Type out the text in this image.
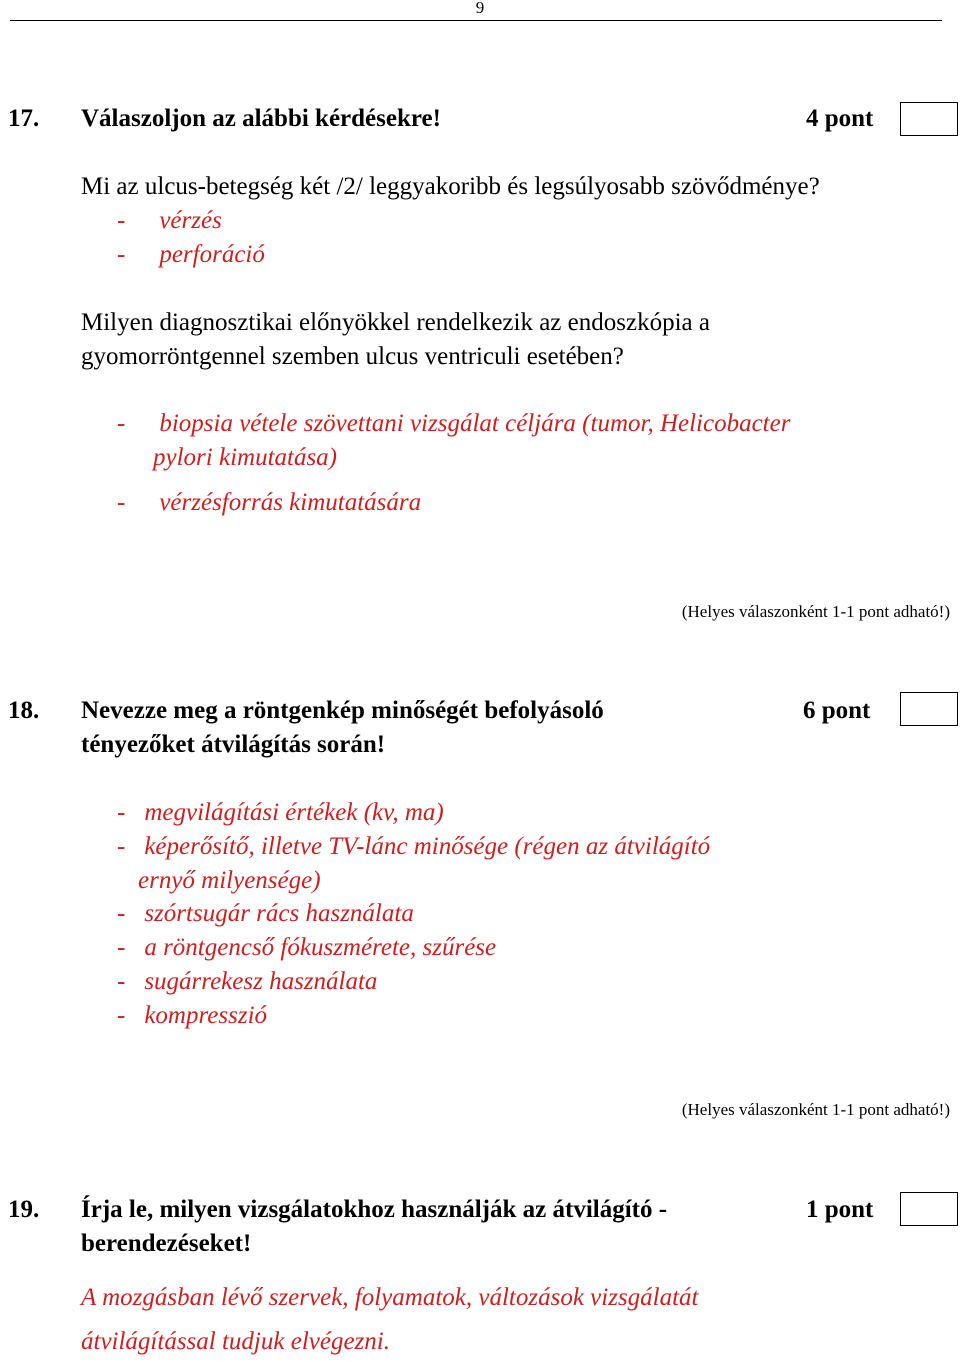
9
17. Válaszoljon az alábbi kérdésekre!	4 pont
Mi az ulcus-betegség két /2/ leggyakoribb és legsúlyosabb szövődménye?
- vérzés
- perforáció
Milyen diagnosztikai előnyökkel rendelkezik az endoszkópia a
gyomorröntgennel szemben ulcus ventriculi esetében?
- biopsia vétele szövettani vizsgálat céljára (tumor, Helicobacter
pylori kimutatása)
- vérzésforrás kimutatására
(Helyes válaszonként 1-1 pont adható!)
18. Nevezze meg a röntgenkép minőségét befolyásoló	6 pont
tényezőket átvilágítás során!
- megvilágítási értékek (kv, ma)
- képerősítő, illetve TV-lánc minősége (régen az átvilágító
ernyő milyensége)
- szórtsugár rács használata
- a röntgencső fókuszmérete, szűrése
- sugárrekesz használata
- kompresszió
(Helyes válaszonként 1-1 pont adható!)
19. Írja le, milyen vizsgálatokhoz használják az átvilágító -	1 pont
berendezéseket!
A mozgásban lévő szervek, folyamatok, változások vizsgálatát
átvilágítással tudjuk elvégezni.
